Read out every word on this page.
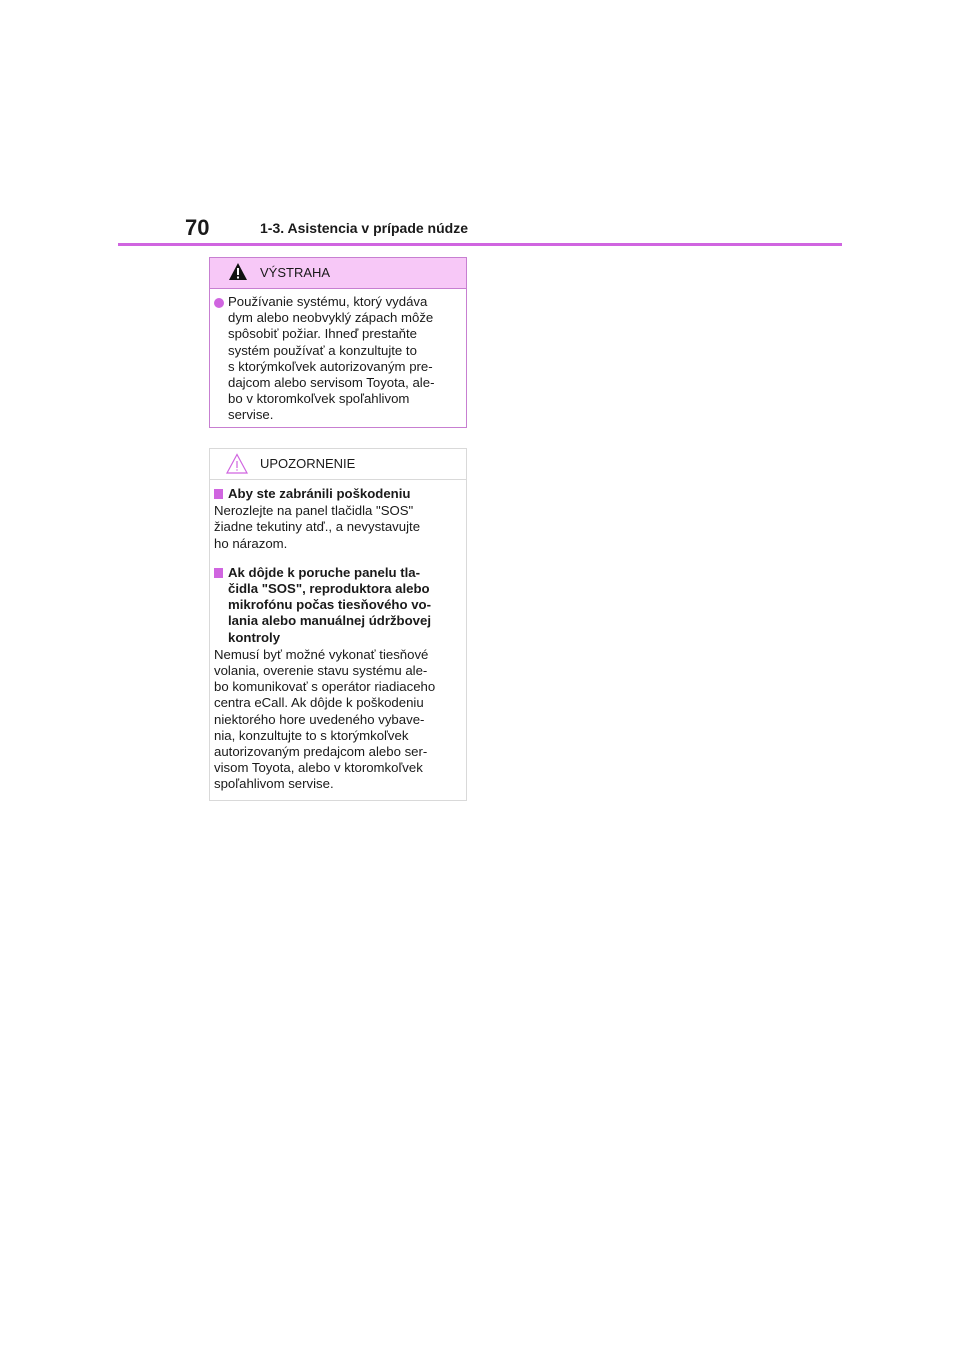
70	1-3. Asistencia v prípade núdze
VÝSTRAHA
Používanie systému, ktorý vydáva
dym alebo neobvyklý zápach môže
spôsobiť požiar. Ihneď prestaňte
systém používať a konzultujte to
s ktorýmkoľvek autorizovaným pre-
dajcom alebo servisom Toyota, ale-
bo v ktoromkoľvek spoľahlivom
servise.
UPOZORNENIE
Aby ste zabránili poškodeniu
Nerozlejte na panel tlačidla "SOS"
žiadne tekutiny atď., a nevystavujte
ho nárazom.
Ak dôjde k poruche panelu tla-
čidla "SOS", reproduktora alebo
mikrofónu počas tiesňového vo-
lania alebo manuálnej údržbovej
kontroly
Nemusí byť možné vykonať tiesňové
volania, overenie stavu systému ale-
bo komunikovať s operátor riadiaceho
centra eCall. Ak dôjde k poškodeniu
niektorého hore uvedeného vybave-
nia, konzultujte to s ktorýmkoľvek
autorizovaným predajcom alebo ser-
visom Toyota, alebo v ktoromkoľvek
spoľahlivom servise.
